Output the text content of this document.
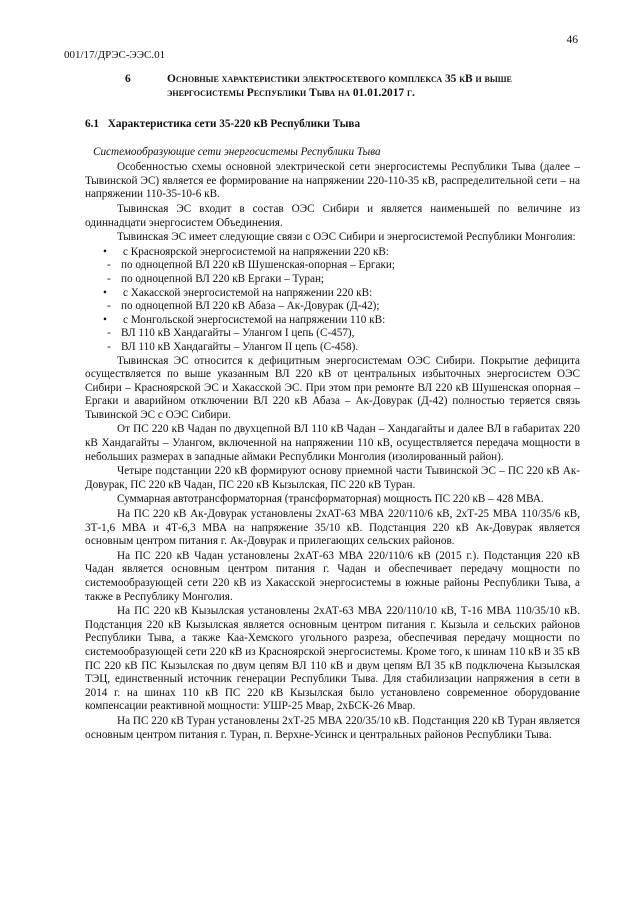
001/17/ДРЭС-ЭЭС.01
46
6	Основные характеристики электросетевого комплекса 35 кВ и выше энергосистемы Республики Тыва на 01.01.2017 г.
6.1 Характеристика сети 35-220 кВ Республики Тыва
Системообразующие сети энергосистемы Республики Тыва

Особенностью схемы основной электрической сети энергосистемы Республики Тыва (далее – Тывинской ЭС) является ее формирование на напряжении 220-110-35 кВ, распределительной сети – на напряжении 110-35-10-6 кВ.

Тывинская ЭС входит в состав ОЭС Сибири и является наименьшей по величине из одиннадцати энергосистем Объединения.

Тывинская ЭС имеет следующие связи с ОЭС Сибири и энергосистемой Республики Монголия:

•	с Красноярской энергосистемой на напряжении 220 кВ:
- по одноцепной ВЛ 220 кВ Шушенская-опорная – Ергаки;
- по одноцепной ВЛ 220 кВ Ергаки – Туран;
•	с Хакасской энергосистемой на напряжении 220 кВ:
- по одноцепной ВЛ 220 кВ Абаза – Ак-Довурак (Д-42);
•	с Монгольской энергосистемой на напряжении 110 кВ:
- ВЛ 110 кВ Хандагайты – Улангом I цепь (С-457),
- ВЛ 110 кВ Хандагайты – Улангом II цепь (С-458).

Тывинская ЭС относится к дефицитным энергосистемам ОЭС Сибири. Покрытие дефицита осуществляется по выше указанным ВЛ 220 кВ от центральных избыточных энергосистем ОЭС Сибири – Красноярской ЭС и Хакасской ЭС. При этом при ремонте ВЛ 220 кВ Шушенская опорная – Ергаки и аварийном отключении ВЛ 220 кВ Абаза – Ак-Довурак (Д-42) полностью теряется связь Тывинской ЭС с ОЭС Сибири.

От ПС 220 кВ Чадан по двухцепной ВЛ 110 кВ Чадан – Хандагайты и далее ВЛ в габаритах 220 кВ Хандагайты – Улангом, включенной на напряжении 110 кВ, осуществляется передача мощности в небольших размерах в западные аймаки Республики Монголия (изолированный район).

Четыре подстанции 220 кВ формируют основу приемной части Тывинской ЭС – ПС 220 кВ Ак-Довурак, ПС 220 кВ Чадан, ПС 220 кВ Кызылская, ПС 220 кВ Туран.

Суммарная автотрансформаторная (трансформаторная) мощность ПС 220 кВ – 428 МВА.

На ПС 220 кВ Ак-Довурак установлены 2хАТ-63 МВА 220/110/6 кВ, 2хТ-25 МВА 110/35/6 кВ, 3Т-1,6 МВА и 4Т-6,3 МВА на напряжение 35/10 кВ. Подстанция 220 кВ Ак-Довурак является основным центром питания г. Ак-Довурак и прилегающих сельских районов.

На ПС 220 кВ Чадан установлены 2хАТ-63 МВА 220/110/6 кВ (2015 г.). Подстанция 220 кВ Чадан является основным центром питания г. Чадан и обеспечивает передачу мощности по системообразующей сети 220 кВ из Хакасской энергосистемы в южные районы Республики Тыва, а также в Республику Монголия.

На ПС 220 кВ Кызылская установлены 2хАТ-63 МВА 220/110/10 кВ, Т-16 МВА 110/35/10 кВ. Подстанция 220 кВ Кызылская является основным центром питания г. Кызыла и сельских районов Республики Тыва, а также Каа-Хемского угольного разреза, обеспечивая передачу мощности по системообразующей сети 220 кВ из Красноярской энергосистемы. Кроме того, к шинам 110 кВ и 35 кВ ПС 220 кВ ПС Кызылская по двум цепям ВЛ 110 кВ и двум цепям ВЛ 35 кВ подключена Кызылская ТЭЦ, единственный источник генерации Республики Тыва. Для стабилизации напряжения в сети в 2014 г. на шинах 110 кВ ПС 220 кВ Кызылская было установлено современное оборудование компенсации реактивной мощности: УШР-25 Мвар, 2хБСК-26 Мвар.

На ПС 220 кВ Туран установлены 2хТ-25 МВА 220/35/10 кВ. Подстанция 220 кВ Туран является основным центром питания г. Туран, п. Верхне-Усинск и центральных районов Республики Тыва.
